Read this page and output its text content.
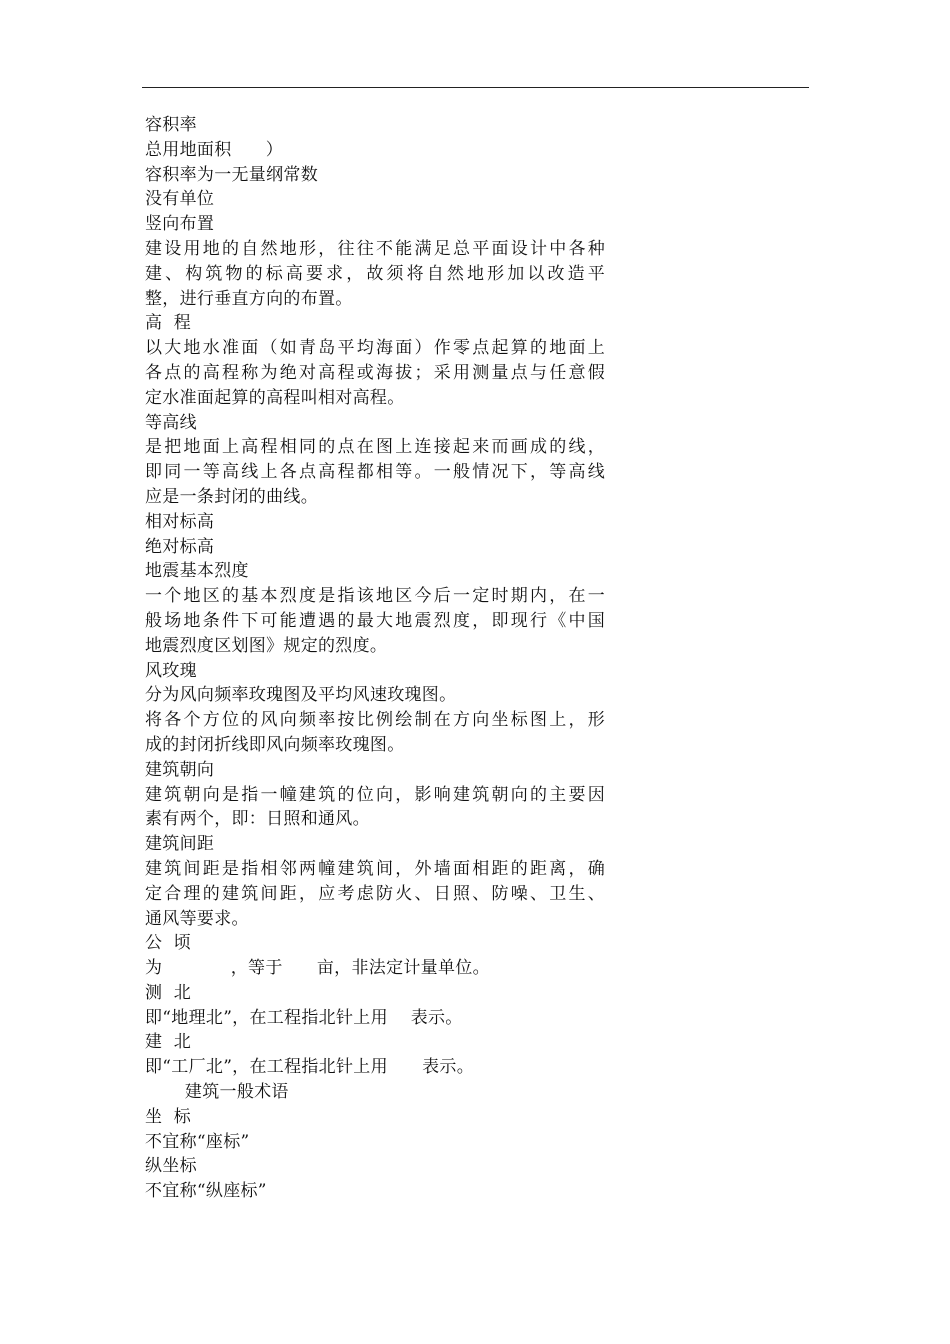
容积率
总用地面积      ）
容积率为一无量纲常数
没有单位
竖向布置
建设用地的自然地形，往往不能满足总平面设计中各种
建、构筑物的标高要求，故须将自然地形加以改造平
整，进行垂直方向的布置。
高  程
以大地水准面（如青岛平均海面）作零点起算的地面上
各点的高程称为绝对高程或海拔；采用测量点与任意假
定水准面起算的高程叫相对高程。
等高线
是把地面上高程相同的点在图上连接起来而画成的线，
即同一等高线上各点高程都相等。一般情况下，等高线
应是一条封闭的曲线。
相对标高
绝对标高
地震基本烈度
一个地区的基本烈度是指该地区今后一定时期内，在一
般场地条件下可能遭遇的最大地震烈度，即现行《中国
地震烈度区划图》规定的烈度。
风玫瑰
分为风向频率玫瑰图及平均风速玫瑰图。
将各个方位的风向频率按比例绘制在方向坐标图上，形
成的封闭折线即风向频率玫瑰图。
建筑朝向
建筑朝向是指一幢建筑的位向，影响建筑朝向的主要因
素有两个，即：日照和通风。
建筑间距
建筑间距是指相邻两幢建筑间，外墙面相距的距离，确
定合理的建筑间距，应考虑防火、日照、防噪、卫生、
通风等要求。
公  顷
为            ，等于      亩，非法定计量单位。
测  北
即“地理北”，在工程指北针上用    表示。
建  北
即“工厂北”，在工程指北针上用      表示。
建筑一般术语
坐  标
不宜称“座标”
纵坐标
不宜称“纵座标”
